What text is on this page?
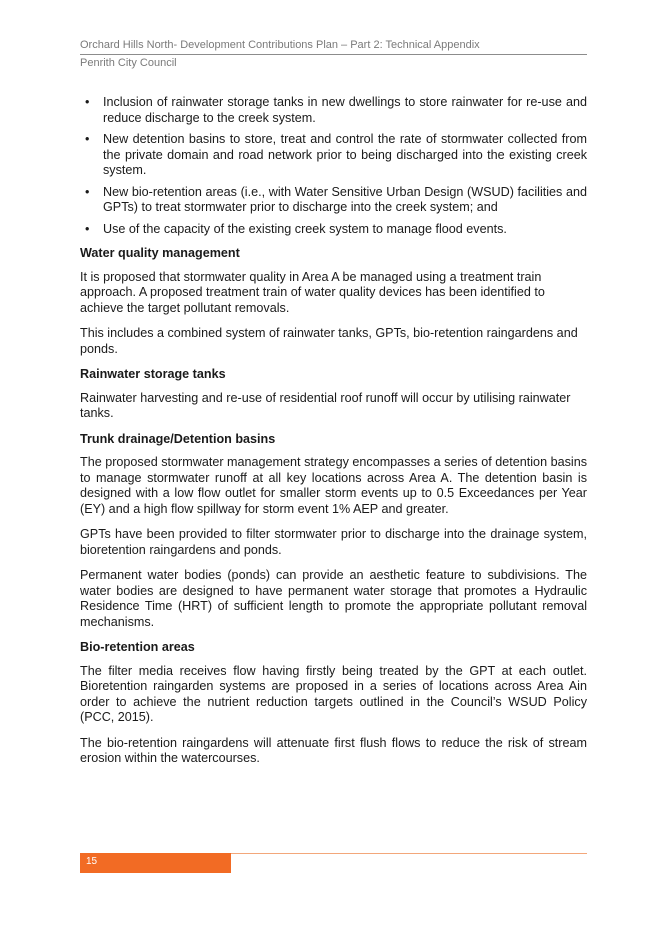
Orchard Hills North- Development Contributions Plan – Part 2: Technical Appendix
Penrith City Council
• Inclusion of rainwater storage tanks in new dwellings to store rainwater for re-use and reduce discharge to the creek system.
• New detention basins to store, treat and control the rate of stormwater collected from the private domain and road network prior to being discharged into the existing creek system.
• New bio-retention areas (i.e., with Water Sensitive Urban Design (WSUD) facilities and GPTs) to treat stormwater prior to discharge into the creek system; and
• Use of the capacity of the existing creek system to manage flood events.
Water quality management

It is proposed that stormwater quality in Area A be managed using a treatment train approach. A proposed treatment train of water quality devices has been identified to achieve the target pollutant removals.

This includes a combined system of rainwater tanks, GPTs, bio-retention raingardens and ponds.

Rainwater storage tanks

Rainwater harvesting and re-use of residential roof runoff will occur by utilising rainwater tanks.

Trunk drainage/Detention basins

The proposed stormwater management strategy encompasses a series of detention basins to manage stormwater runoff at all key locations across Area A. The detention basin is designed with a low flow outlet for smaller storm events up to 0.5 Exceedances per Year (EY) and a high flow spillway for storm event 1% AEP and greater.

GPTs have been provided to filter stormwater prior to discharge into the drainage system, bioretention raingardens and ponds.

Permanent water bodies (ponds) can provide an aesthetic feature to subdivisions. The water bodies are designed to have permanent water storage that promotes a Hydraulic Residence Time (HRT) of sufficient length to promote the appropriate pollutant removal mechanisms.

Bio-retention areas

The filter media receives flow having firstly being treated by the GPT at each outlet. Bioretention raingarden systems are proposed in a series of locations across Area Ain order to achieve the nutrient reduction targets outlined in the Council’s WSUD Policy (PCC, 2015).

The bio-retention raingardens will attenuate first flush flows to reduce the risk of stream erosion within the watercourses.

15
